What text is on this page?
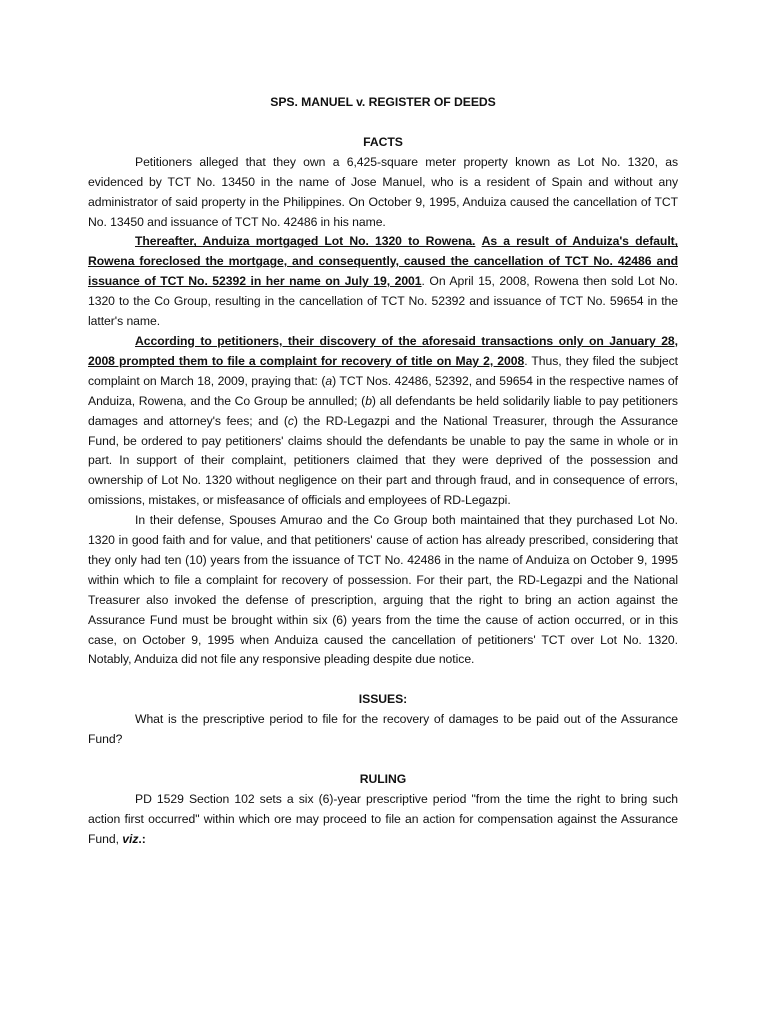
SPS. MANUEL v. REGISTER OF DEEDS
FACTS

Petitioners alleged that they own a 6,425-square meter property known as Lot No. 1320, as evidenced by TCT No. 13450 in the name of Jose Manuel, who is a resident of Spain and without any administrator of said property in the Philippines. On October 9, 1995, Anduiza caused the cancellation of TCT No. 13450 and issuance of TCT No. 42486 in his name.

Thereafter, Anduiza mortgaged Lot No. 1320 to Rowena. As a result of Anduiza's default, Rowena foreclosed the mortgage, and consequently, caused the cancellation of TCT No. 42486 and issuance of TCT No. 52392 in her name on July 19, 2001. On April 15, 2008, Rowena then sold Lot No. 1320 to the Co Group, resulting in the cancellation of TCT No. 52392 and issuance of TCT No. 59654 in the latter's name.

According to petitioners, their discovery of the aforesaid transactions only on January 28, 2008 prompted them to file a complaint for recovery of title on May 2, 2008. Thus, they filed the subject complaint on March 18, 2009, praying that: (a) TCT Nos. 42486, 52392, and 59654 in the respective names of Anduiza, Rowena, and the Co Group be annulled; (b) all defendants be held solidarily liable to pay petitioners damages and attorney's fees; and (c) the RD-Legazpi and the National Treasurer, through the Assurance Fund, be ordered to pay petitioners' claims should the defendants be unable to pay the same in whole or in part. In support of their complaint, petitioners claimed that they were deprived of the possession and ownership of Lot No. 1320 without negligence on their part and through fraud, and in consequence of errors, omissions, mistakes, or misfeasance of officials and employees of RD-Legazpi.

In their defense, Spouses Amurao and the Co Group both maintained that they purchased Lot No. 1320 in good faith and for value, and that petitioners' cause of action has already prescribed, considering that they only had ten (10) years from the issuance of TCT No. 42486 in the name of Anduiza on October 9, 1995 within which to file a complaint for recovery of possession. For their part, the RD-Legazpi and the National Treasurer also invoked the defense of prescription, arguing that the right to bring an action against the Assurance Fund must be brought within six (6) years from the time the cause of action occurred, or in this case, on October 9, 1995 when Anduiza caused the cancellation of petitioners' TCT over Lot No. 1320. Notably, Anduiza did not file any responsive pleading despite due notice.

ISSUES:

What is the prescriptive period to file for the recovery of damages to be paid out of the Assurance Fund?

RULING

PD 1529 Section 102 sets a six (6)-year prescriptive period "from the time the right to bring such action first occurred" within which ore may proceed to file an action for compensation against the Assurance Fund, viz.:
